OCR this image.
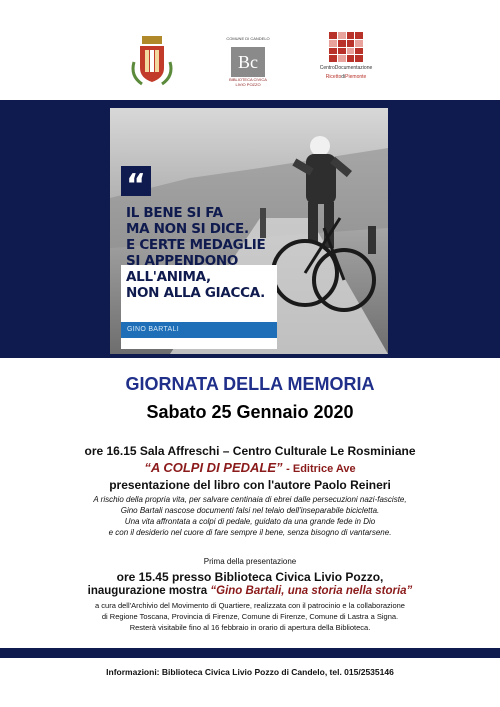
COMUNE DI CANDELO
Bc
BIBLIOTECA CIVICA
LIVIO POZZO
CentroDocumentazione
RicettodiPiemonte
“
IL BENE SI FA
MA NON SI DICE.
E CERTE MEDAGLIE
SI APPENDONO
ALL'ANIMA,
NON ALLA GIACCA.
GINO BARTALI
GIORNATA DELLA MEMORIA
Sabato 25 Gennaio 2020
ore 16.15 Sala Affreschi – Centro Culturale Le Rosminiane
“A COLPI DI PEDALE” - Editrice Ave
presentazione del libro con l'autore Paolo Reineri
A rischio della propria vita, per salvare centinaia di ebrei dalle persecuzioni nazi-fasciste,
Gino Bartali nascose documenti falsi nel telaio dell'inseparabile bicicletta.
Una vita affrontata a colpi di pedale, guidato da una grande fede in Dio
e con il desiderio nel cuore di fare sempre il bene, senza bisogno di vantarsene.
Prima della presentazione
ore 15.45 presso Biblioteca Civica Livio Pozzo,
inaugurazione mostra “Gino Bartali, una storia nella storia”
a cura dell'Archivio del Movimento di Quartiere, realizzata con il patrocinio e la collaborazione
di Regione Toscana, Provincia di Firenze, Comune di Firenze, Comune di Lastra a Signa.
Resterà visitabile fino al 16 febbraio in orario di apertura della Biblioteca.
Informazioni: Biblioteca Civica Livio Pozzo di Candelo, tel. 015/2535146
